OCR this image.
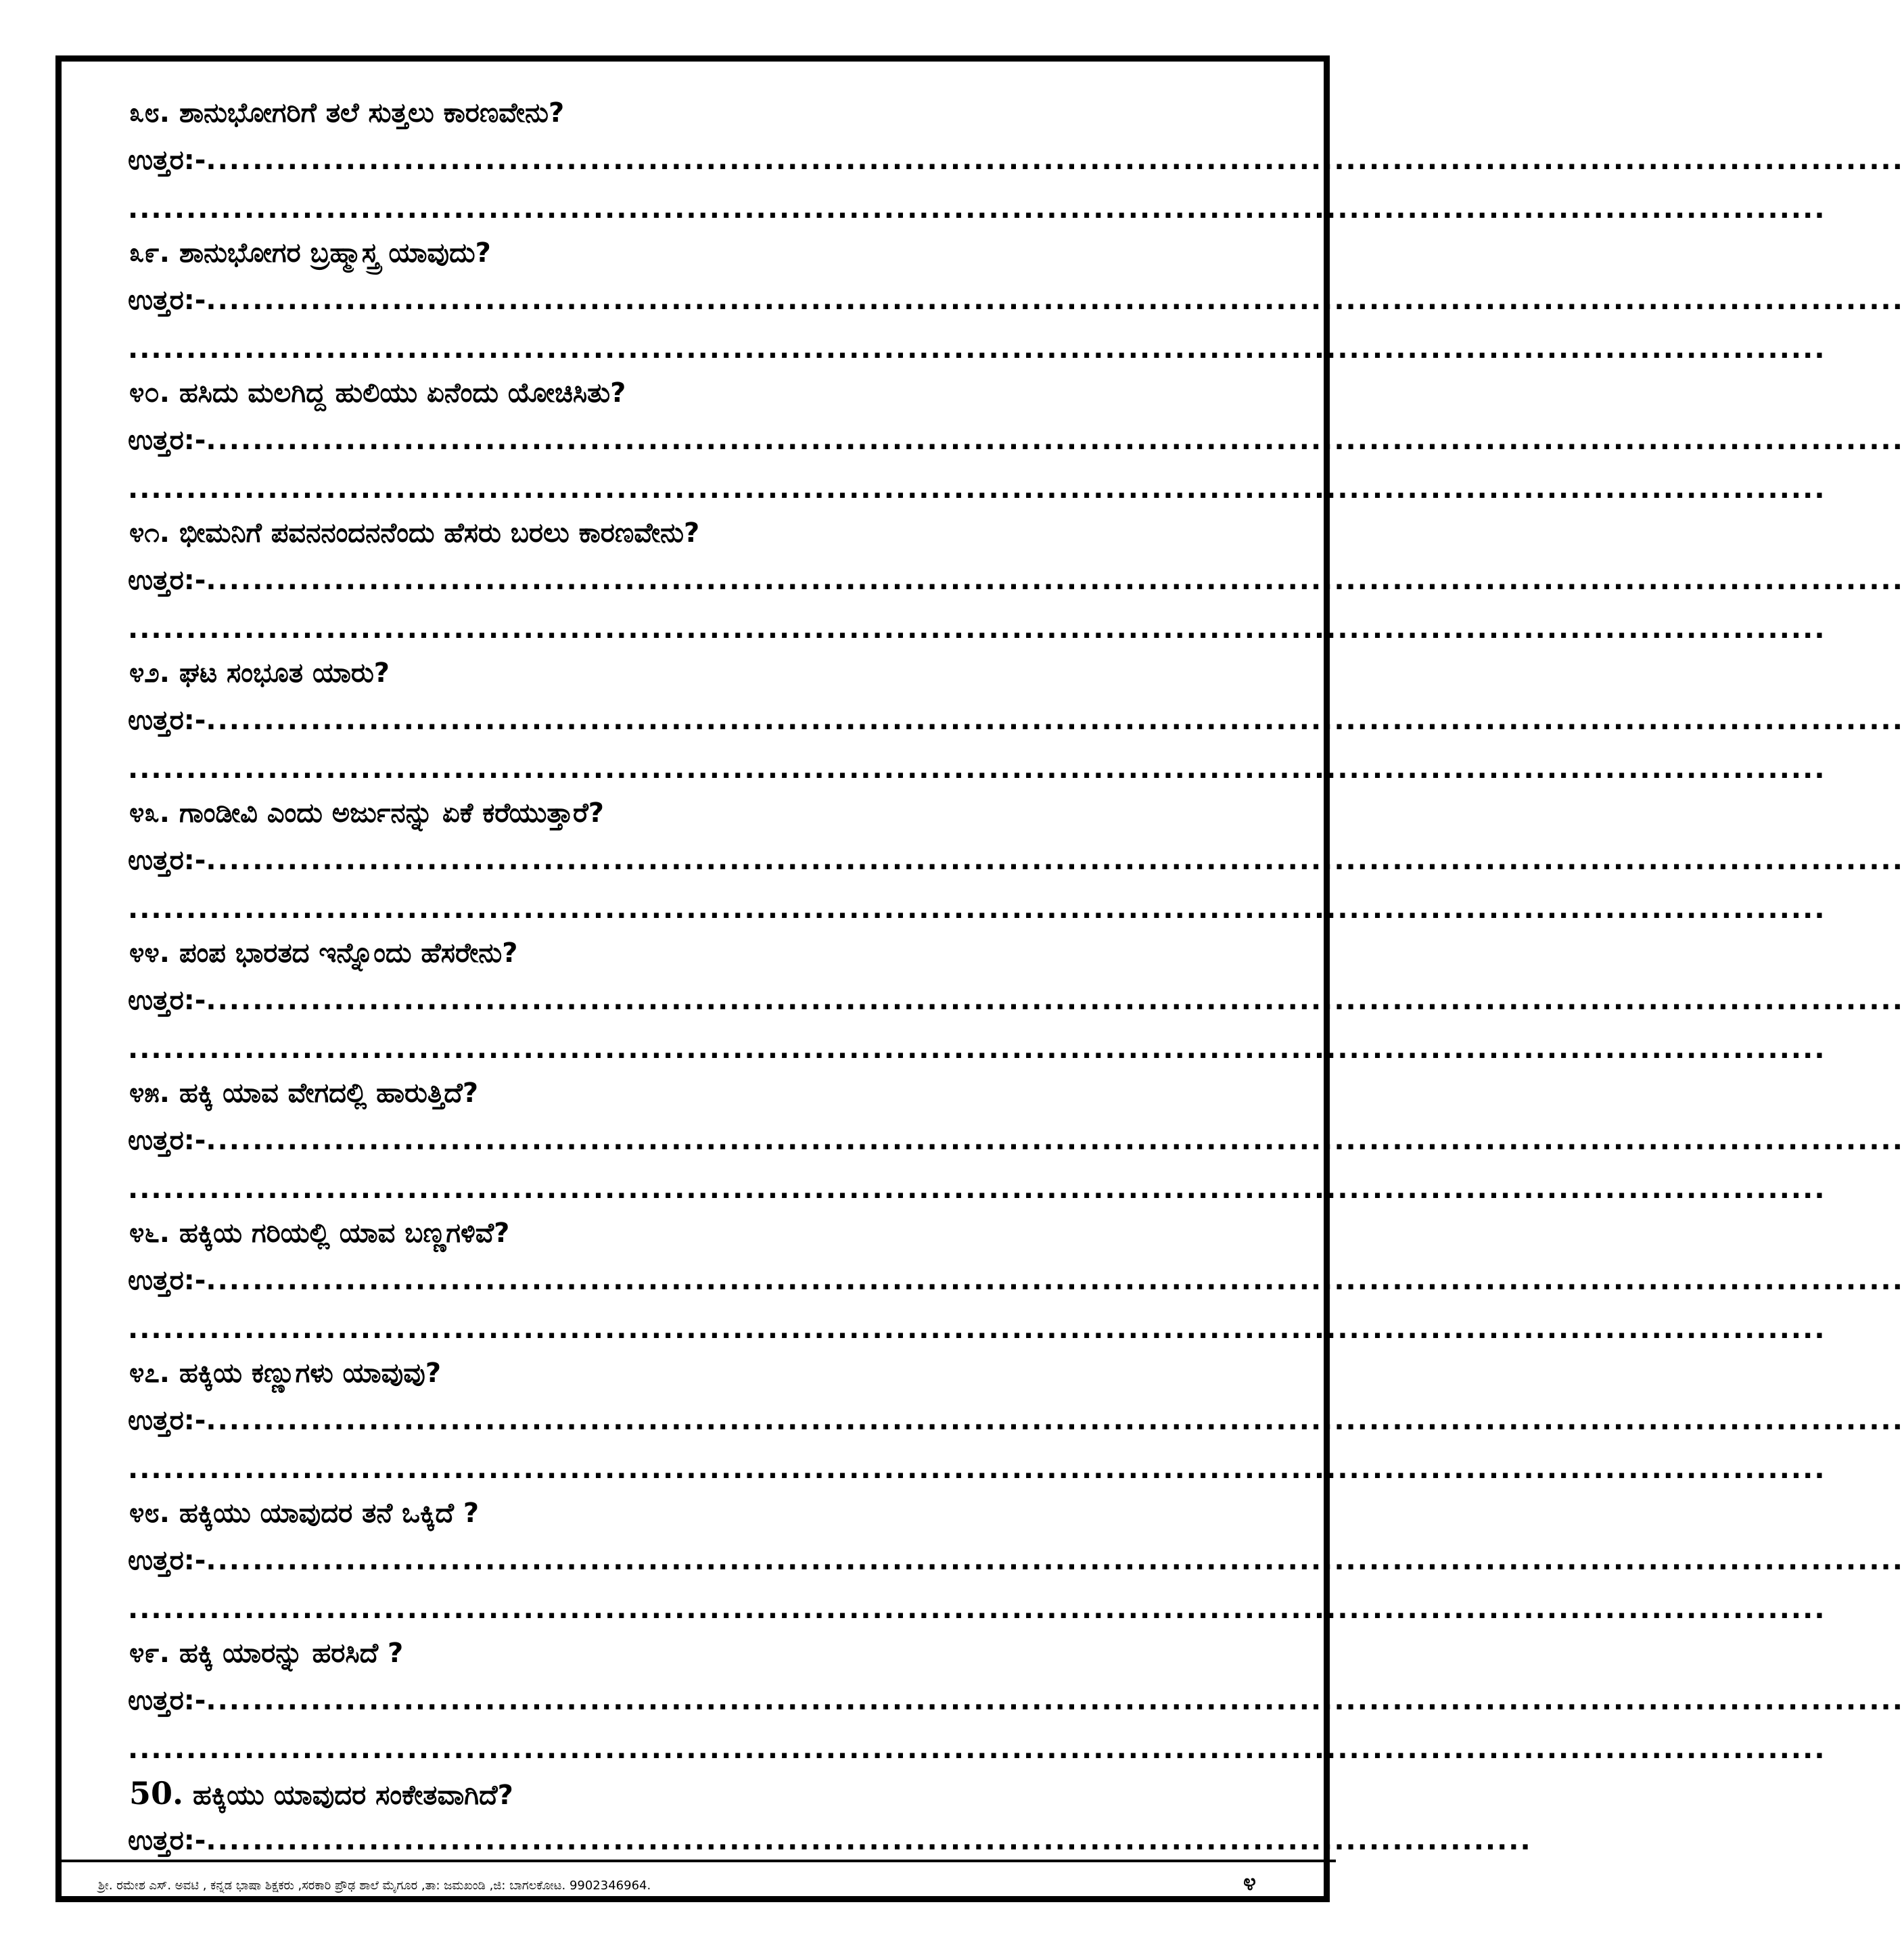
೩೮. ಶಾನುಭೋಗರಿಗೆ ತಲೆ ಸುತ್ತಲು ಕಾರಣವೇನು?
ಉತ್ತರ:-..................................................................................................................................................
..................................................................................................................................................
೩೯. ಶಾನುಭೋಗರ ಬ್ರಹ್ಮಾಸ್ತ್ರ ಯಾವುದು?
ಉತ್ತರ:-..................................................................................................................................................
..................................................................................................................................................
೪೦. ಹಸಿದು ಮಲಗಿದ್ದ ಹುಲಿಯು ಏನೆಂದು ಯೋಚಿಸಿತು?
ಉತ್ತರ:-..................................................................................................................................................
..................................................................................................................................................
೪೧. ಭೀಮನಿಗೆ ಪವನನಂದನನೆಂದು ಹೆಸರು ಬರಲು ಕಾರಣವೇನು?
ಉತ್ತರ:-..................................................................................................................................................
..................................................................................................................................................
೪೨. ಘಟ ಸಂಭೂತ ಯಾರು?
ಉತ್ತರ:-..................................................................................................................................................
..................................................................................................................................................
೪೩. ಗಾಂಡೀವಿ ಎಂದು ಅರ್ಜುನನ್ನು ಏಕೆ ಕರೆಯುತ್ತಾರೆ?
ಉತ್ತರ:-..................................................................................................................................................
..................................................................................................................................................
೪೪. ಪಂಪ ಭಾರತದ ಇನ್ನೊಂದು ಹೆಸರೇನು?
ಉತ್ತರ:-..................................................................................................................................................
..................................................................................................................................................
೪೫. ಹಕ್ಕಿ ಯಾವ ವೇಗದಲ್ಲಿ ಹಾರುತ್ತಿದೆ?
ಉತ್ತರ:-..................................................................................................................................................
..................................................................................................................................................
೪೬. ಹಕ್ಕಿಯ ಗರಿಯಲ್ಲಿ ಯಾವ ಬಣ್ಣಗಳಿವೆ?
ಉತ್ತರ:-..................................................................................................................................................
..................................................................................................................................................
೪೭. ಹಕ್ಕಿಯ ಕಣ್ಣುಗಳು ಯಾವುವು?
ಉತ್ತರ:-..................................................................................................................................................
..................................................................................................................................................
೪೮. ಹಕ್ಕಿಯು ಯಾವುದರ ತನೆ ಒಕ್ಕಿದೆ ?
ಉತ್ತರ:-..................................................................................................................................................
..................................................................................................................................................
೪೯. ಹಕ್ಕಿ ಯಾರನ್ನು ಹರಸಿದೆ ?
ಉತ್ತರ:-..................................................................................................................................................
..................................................................................................................................................
50. ಹಕ್ಕಿಯು ಯಾವುದರ ಸಂಕೇತವಾಗಿದೆ?
ಉತ್ತರ:-..................................................................................................................
ಶ್ರೀ. ರಮೇಶ ಎಸ್. ಅವಟಿ , ಕನ್ನಡ ಭಾಷಾ ಶಿಕ್ಷಕರು ,ಸರಕಾರಿ ಪ್ರೌಢ ಶಾಲೆ ಮೈಗೂರ ,ತಾ: ಜಮಖಂಡಿ ,ಜಿ: ಬಾಗಲಕೋಟ. 9902346964.	೪
